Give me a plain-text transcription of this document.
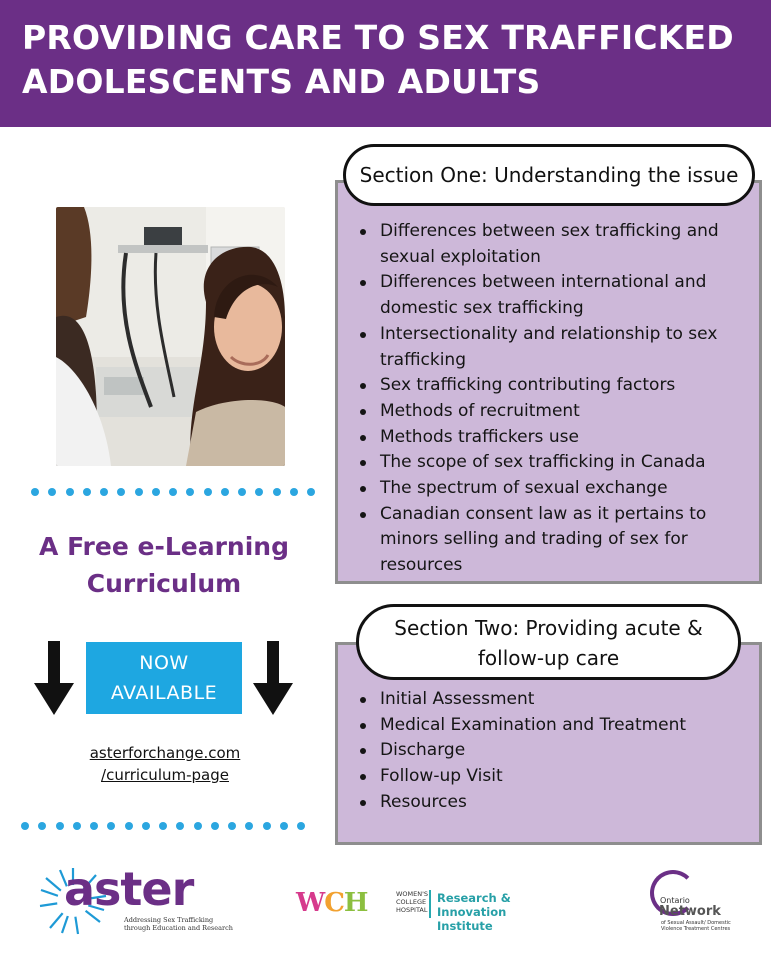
PROVIDING CARE TO SEX TRAFFICKED ADOLESCENTS AND ADULTS
A Free e-Learning
Curriculum
NOW
AVAILABLE
asterforchange.com
/curriculum-page
Section One: Understanding the issue
Differences between sex trafficking and sexual exploitation
Differences between international and domestic sex trafficking
Intersectionality and relationship to sex trafficking
Sex trafficking contributing factors
Methods of recruitment
Methods traffickers use
The scope of sex trafficking in Canada
The spectrum of sexual exchange
Canadian consent law as it pertains to minors selling and trading of sex for resources
Section Two: Providing acute &
follow-up care
Initial Assessment
Medical Examination and Treatment
Discharge
Follow-up Visit
Resources
aster
Addressing Sex Trafficking through Education and Research
WCH	WOMEN'S COLLEGE HOSPITAL
Research & Innovation
Institute
Ontario
Network
of Sexual Assault/ Domestic Violence Treatment Centres
